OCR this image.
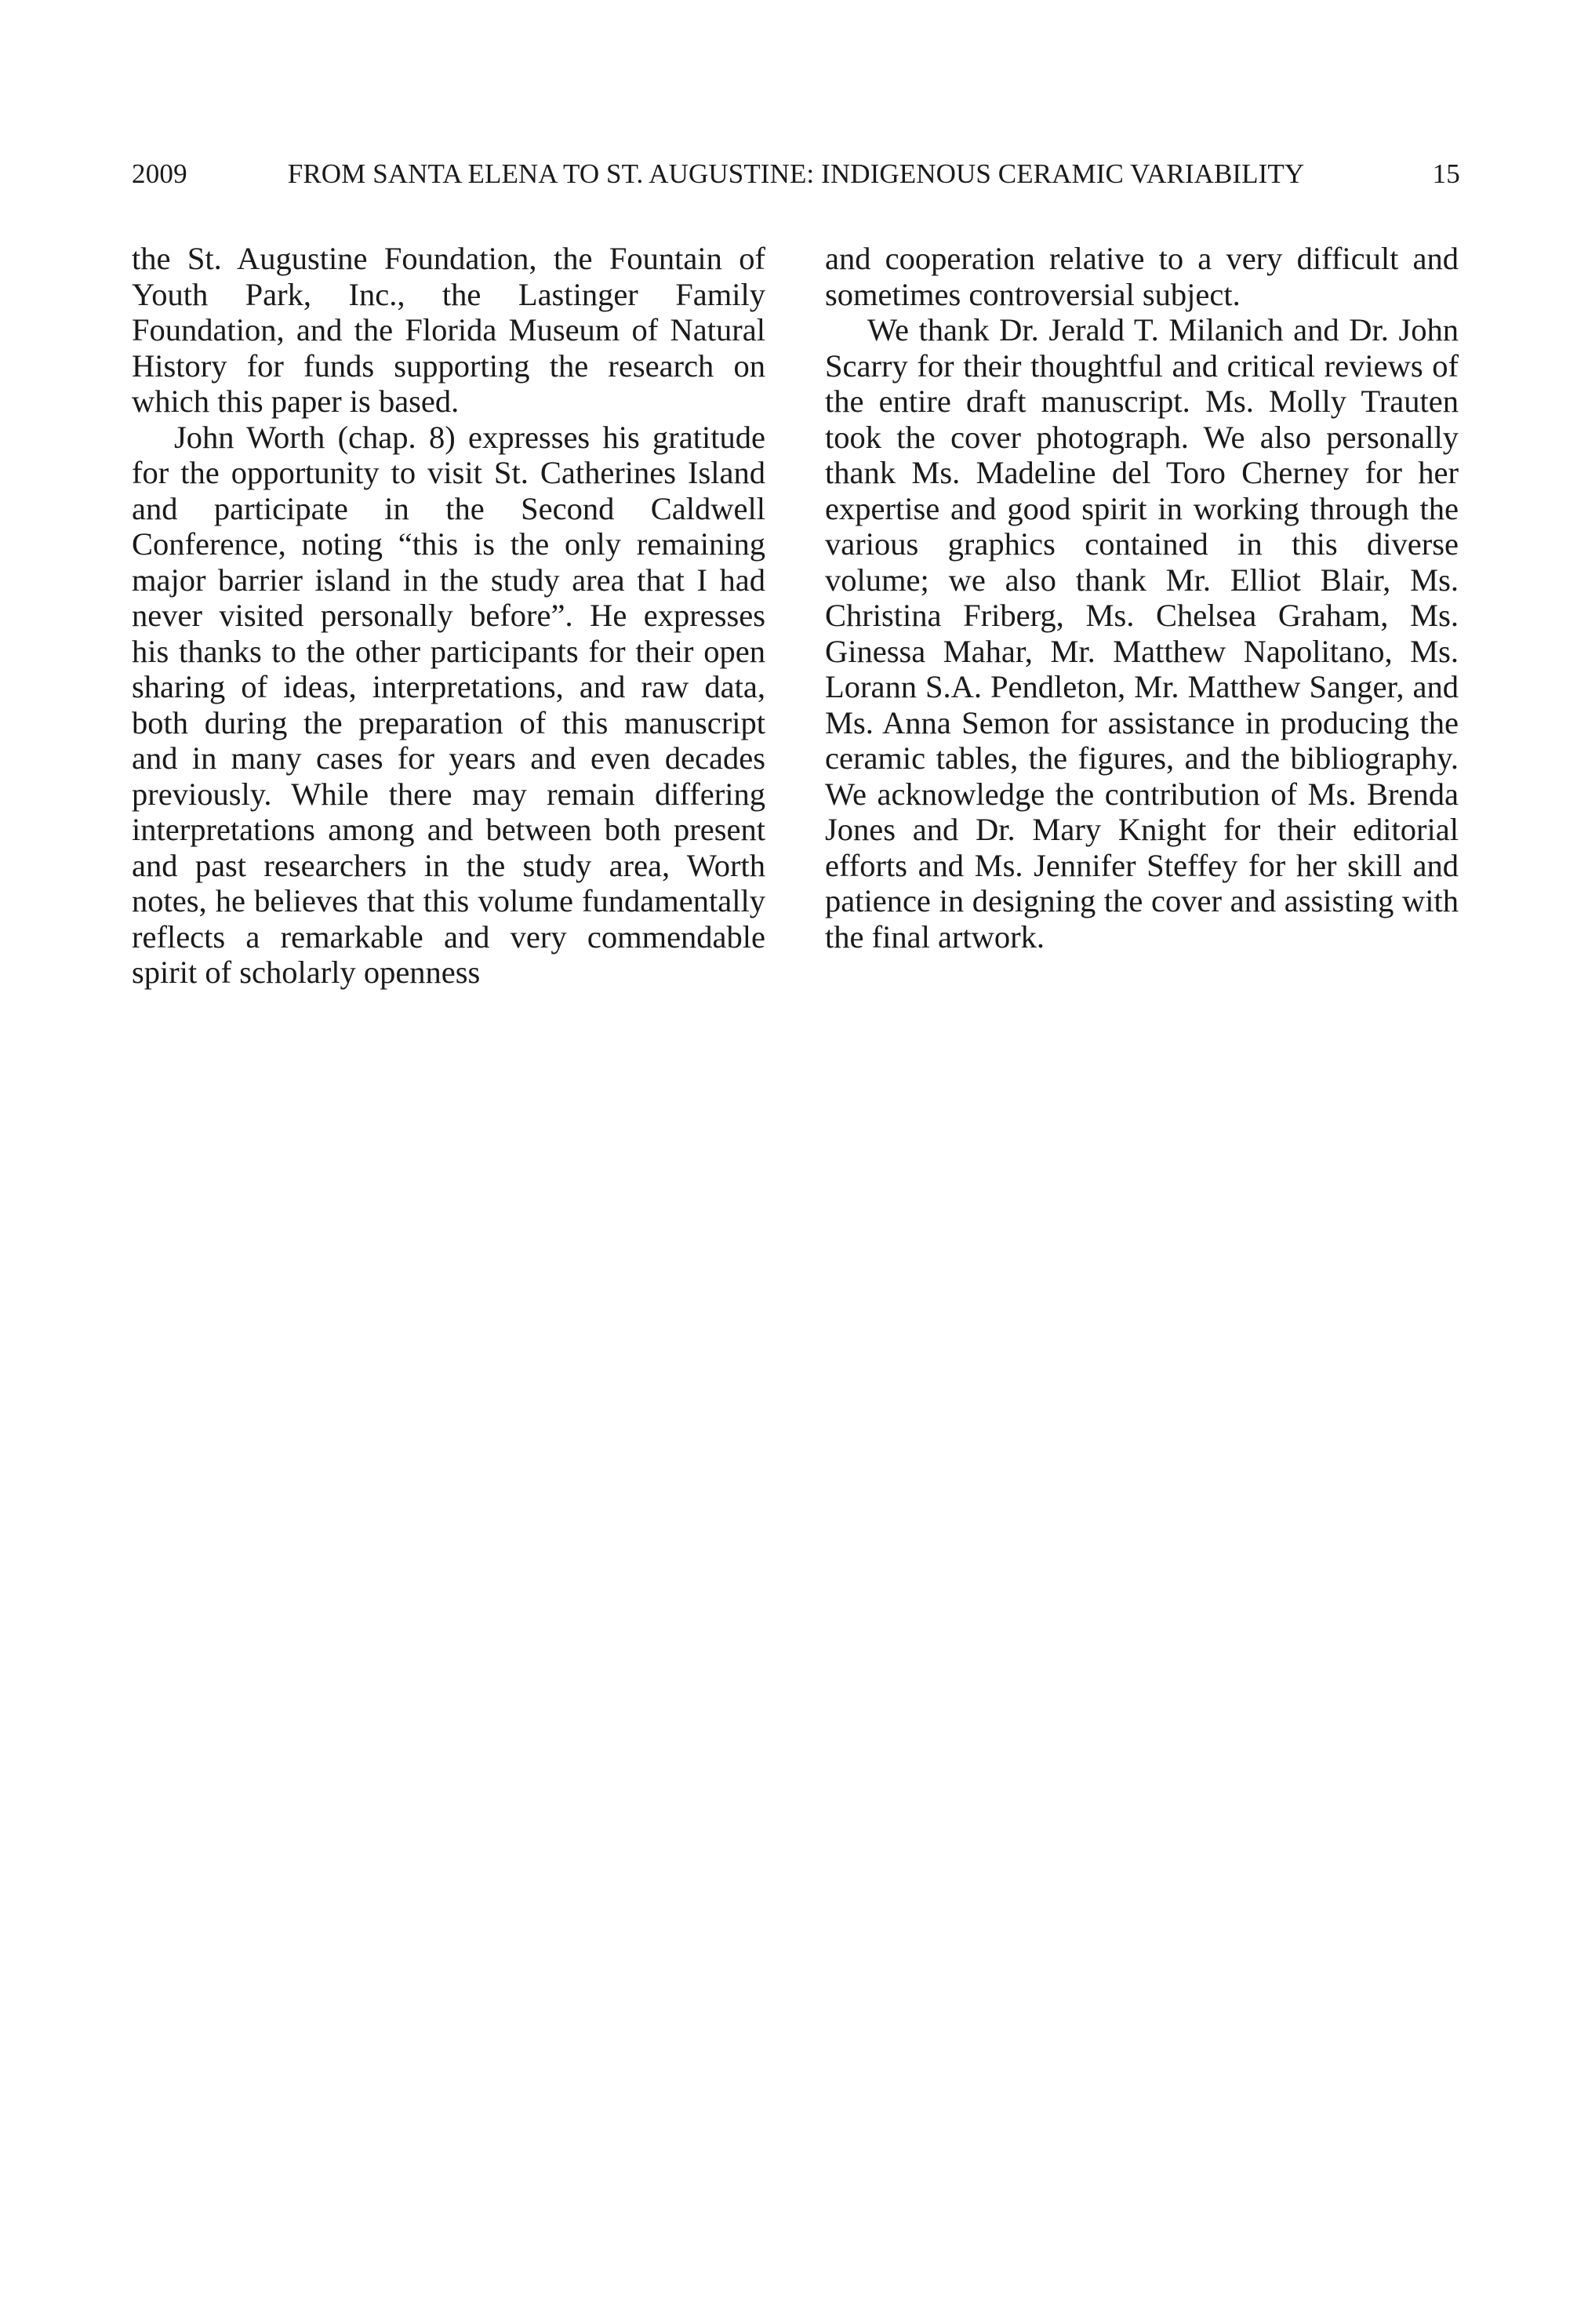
2009	FROM SANTA ELENA TO ST. AUGUSTINE: INDIGENOUS CERAMIC VARIABILITY	15

the St. Augustine Foundation, the Fountain of Youth Park, Inc., the Lastinger Family Foundation, and the Florida Museum of Natural History for funds supporting the research on which this paper is based.

John Worth (chap. 8) expresses his gratitude for the opportunity to visit St. Catherines Island and participate in the Second Caldwell Conference, noting “this is the only remaining major barrier island in the study area that I had never visited personally before”. He expresses his thanks to the other participants for their open sharing of ideas, interpretations, and raw data, both during the preparation of this manuscript and in many cases for years and even decades previously. While there may remain differing interpretations among and between both present and past researchers in the study area, Worth notes, he believes that this volume fundamentally reflects a remarkable and very commendable spirit of scholarly openness

and cooperation relative to a very difficult and sometimes controversial subject.

We thank Dr. Jerald T. Milanich and Dr. John Scarry for their thoughtful and critical reviews of the entire draft manuscript. Ms. Molly Trauten took the cover photograph. We also personally thank Ms. Madeline del Toro Cherney for her expertise and good spirit in working through the various graphics contained in this diverse volume; we also thank Mr. Elliot Blair, Ms. Christina Friberg, Ms. Chelsea Graham, Ms. Ginessa Mahar, Mr. Matthew Napolitano, Ms. Lorann S.A. Pendleton, Mr. Matthew Sanger, and Ms. Anna Semon for assistance in producing the ceramic tables, the figures, and the bibliography. We acknowledge the contribution of Ms. Brenda Jones and Dr. Mary Knight for their editorial efforts and Ms. Jennifer Steffey for her skill and patience in designing the cover and assisting with the final artwork.
